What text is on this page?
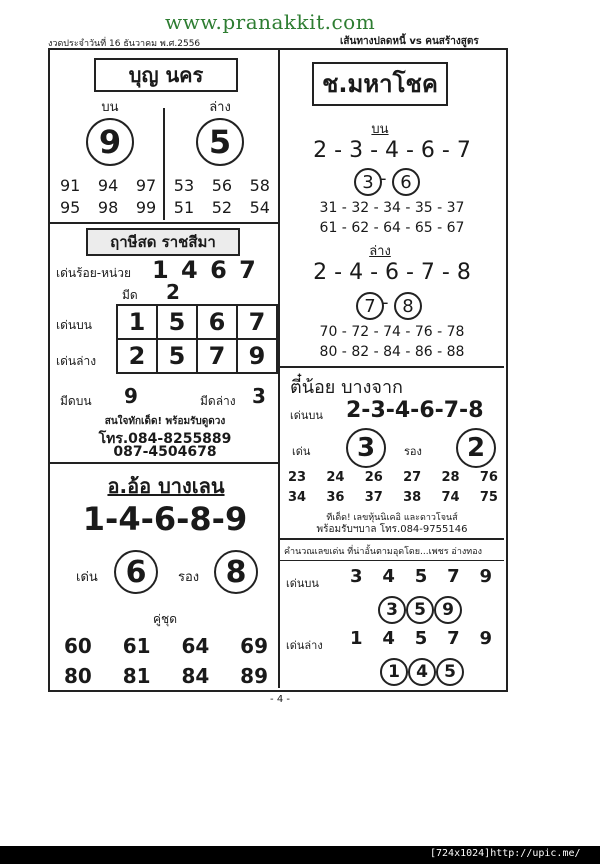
www.pranakkit.com
งวดประจำวันที่ 16 ธันวาคม พ.ศ.2556	เส้นทางปลดหนี้ vs คนสร้างสูตร
บุญ นคร
บน	ล่าง
9	5
91 94 97 53 56 58
95 98 99 51 52 54
ฤาษีสด ราชสีมา
เด่นร้อย-หน่วย 1 4 6 7
มีด 2
เด่นบน
เด่นล่าง
1	5	6	7
2	5	7	9
มีดบน 9	มีดล่าง 3
สนใจทักเด็ด! พร้อมรับดูดวง
โทร.084-8255889
087-4504678
อ.อ้อ บางเลน
1-4-6-8-9
เด่น 6	รอง 8
คู่ชุด
60 61 64 69
80 81 84 89
ช.มหาโชค
บน
2 - 3 - 4 - 6 - 7
3 - 6
31 - 32 - 34 - 35 - 37
61 - 62 - 64 - 65 - 67
ล่าง
2 - 4 - 6 - 7 - 8
7 - 8
70 - 72 - 74 - 76 - 78
80 - 82 - 84 - 86 - 88
ตี๋น้อย บางจาก
เด่นบน 2-3-4-6-7-8
เด่น	3	รอง	2
23 24 26 27 28 76
34 36 37 38 74 75
ทีเด็ด! เลขหุ้นนิเคอิ และดาวโจนส์
พร้อมรับฯบาล โทร.084-9755146
คำนวณเลขเด่น ที่น่าอั้นตามอุดโดย...เพชร อ่างทอง
เด่นบน 3 4 5 7 9
3 5 9
เด่นล่าง 1 4 5 7 9
1 4 5
- 4 -
[724x1024]http://upic.me/
